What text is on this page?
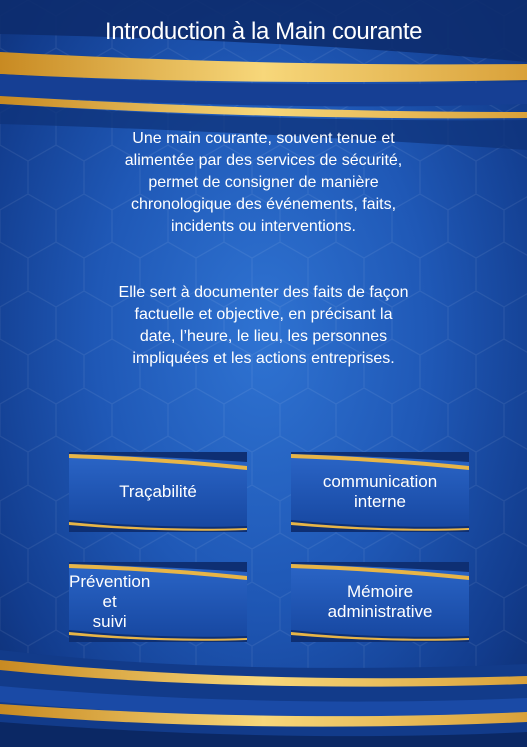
Introduction à la Main courante
Une main courante, souvent tenue et
alimentée par des services de sécurité,
permet de consigner de manière
chronologique des événements, faits,
incidents ou interventions.
Elle sert à documenter des faits de façon
factuelle et objective, en précisant la
date, l’heure, le lieu, les personnes
impliquées et les actions entreprises.
Traçabilité
communication
interne
Prévention
et
suivi
Mémoire
administrative
